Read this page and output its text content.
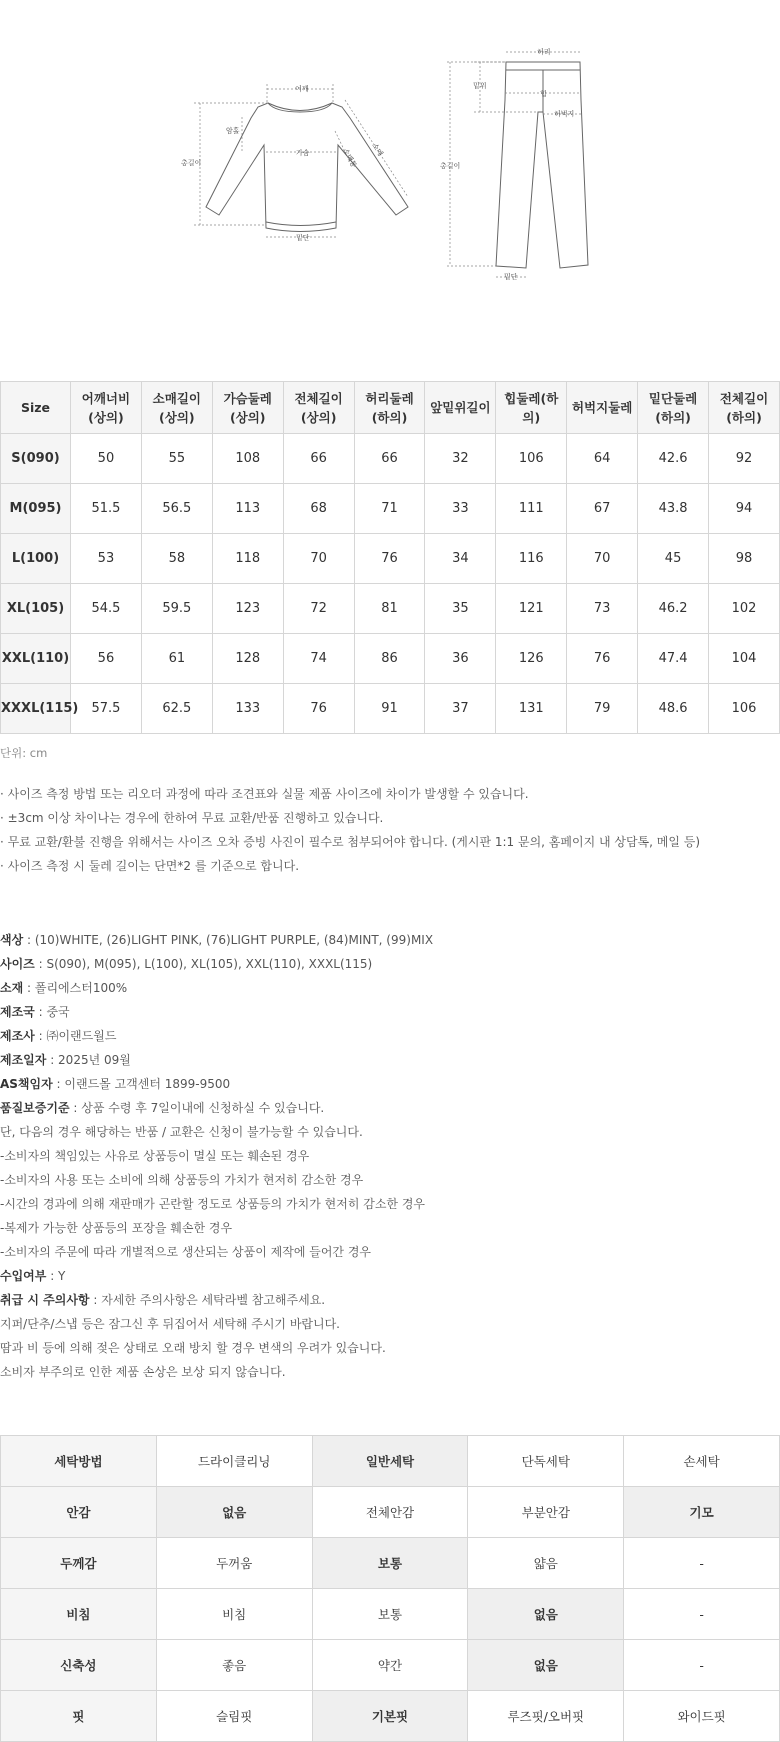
어깨
암홀
가슴	소매통 소매
총길이
밑단
허리
밑위
힙
허벅지
총길이
밑단
Size	어깨너비(상의)	소매길이(상의)	가슴둘레(상의)	전체길이(상의)	허리둘레(하의)	앞밑위길이	힙둘레(하의)	허벅지둘레	밑단둘레(하의)	전체길이(하의)
S(090)	50	55	108	66	66	32	106	64	42.6	92
M(095)	51.5	56.5	113	68	71	33	111	67	43.8	94
L(100)	53	58	118	70	76	34	116	70	45	98
XL(105)	54.5	59.5	123	72	81	35	121	73	46.2	102
XXL(110)	56	61	128	74	86	36	126	76	47.4	104
XXXL(115)	57.5	62.5	133	76	91	37	131	79	48.6	106
단위: cm
· 사이즈 측정 방법 또는 리오더 과정에 따라 조견표와 실물 제품 사이즈에 차이가 발생할 수 있습니다.
· ±3cm 이상 차이나는 경우에 한하여 무료 교환/반품 진행하고 있습니다.
· 무료 교환/환불 진행을 위해서는 사이즈 오차 증빙 사진이 필수로 첨부되어야 합니다. (게시판 1:1 문의, 홈페이지 내 상담톡, 메일 등)
· 사이즈 측정 시 둘레 길이는 단면*2 를 기준으로 합니다.
색상 : (10)WHITE, (26)LIGHT PINK, (76)LIGHT PURPLE, (84)MINT, (99)MIX
사이즈 : S(090), M(095), L(100), XL(105), XXL(110), XXXL(115)
소재 : 폴리에스터100%
제조국 : 중국
제조사 : ㈜이랜드월드
제조일자 : 2025년 09월
AS책임자 : 이랜드몰 고객센터 1899-9500
품질보증기준 : 상품 수령 후 7일이내에 신청하실 수 있습니다.
단, 다음의 경우 해당하는 반품 / 교환은 신청이 불가능할 수 있습니다.
-소비자의 책임있는 사유로 상품등이 멸실 또는 훼손된 경우
-소비자의 사용 또는 소비에 의해 상품등의 가치가 현저히 감소한 경우
-시간의 경과에 의해 재판매가 곤란할 정도로 상품등의 가치가 현저히 감소한 경우
-복제가 가능한 상품등의 포장을 훼손한 경우
-소비자의 주문에 따라 개별적으로 생산되는 상품이 제작에 들어간 경우
수입여부 : Y
취급 시 주의사항 : 자세한 주의사항은 세탁라벨 참고해주세요.
지퍼/단추/스냅 등은 잠그신 후 뒤집어서 세탁해 주시기 바랍니다.
땀과 비 등에 의해 젖은 상태로 오래 방치 할 경우 변색의 우려가 있습니다.
소비자 부주의로 인한 제품 손상은 보상 되지 않습니다.
세탁방법	드라이클리닝	일반세탁	단독세탁	손세탁
안감	없음	전체안감	부분안감	기모
두께감	두꺼움	보통	얇음	-
비침	비침	보통	없음	-
신축성	좋음	약간	없음	-
핏	슬림핏	기본핏	루즈핏/오버핏	와이드핏
